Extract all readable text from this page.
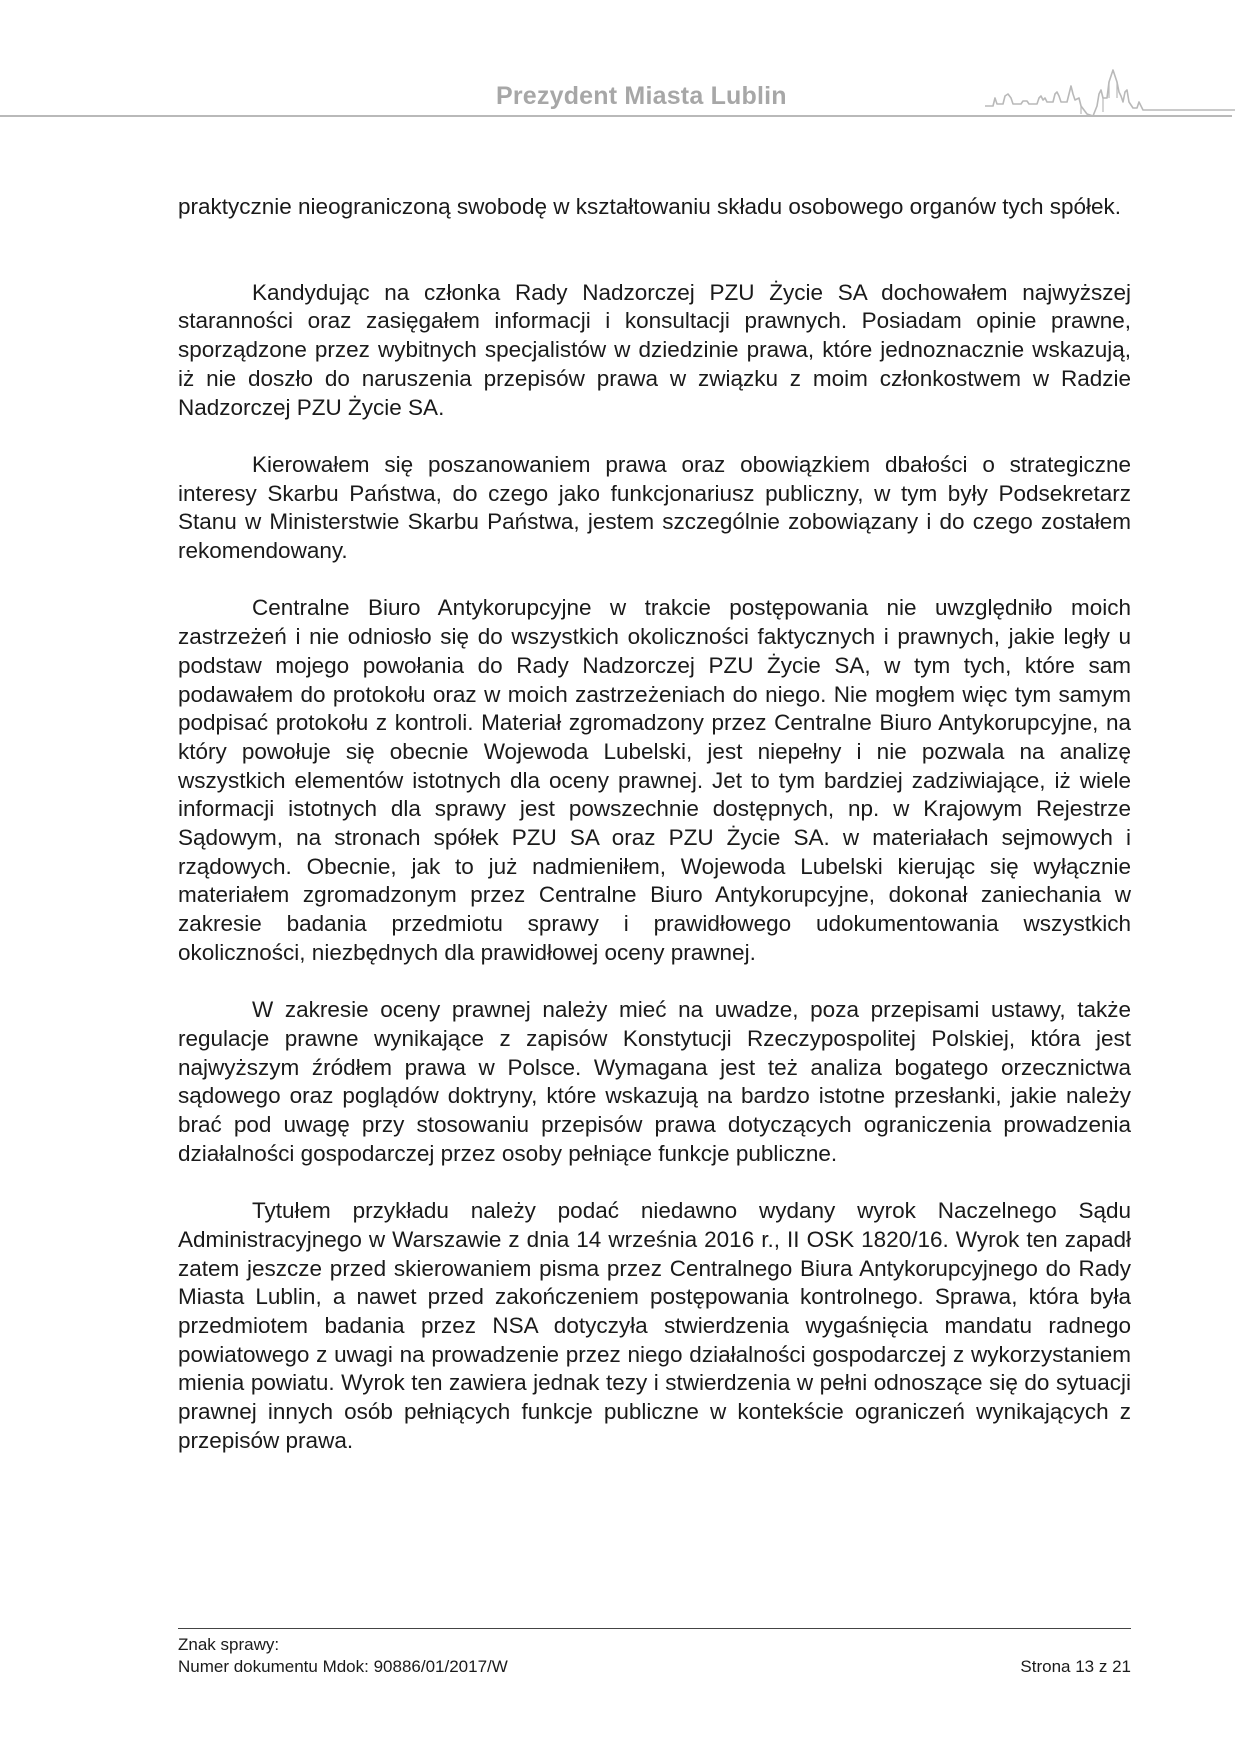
Prezydent Miasta Lublin

praktycznie nieograniczoną swobodę w kształtowaniu składu osobowego organów tych spółek.

Kandydując na członka Rady Nadzorczej PZU Życie SA dochowałem najwyższej staranności oraz zasięgałem informacji i konsultacji prawnych. Posiadam opinie prawne, sporządzone przez wybitnych specjalistów w dziedzinie prawa, które jednoznacznie wskazują, iż nie doszło do naruszenia przepisów prawa w związku z moim członkostwem w Radzie Nadzorczej PZU Życie SA.

Kierowałem się poszanowaniem prawa oraz obowiązkiem dbałości o strategiczne interesy Skarbu Państwa, do czego jako funkcjonariusz publiczny, w tym były Podsekretarz Stanu w Ministerstwie Skarbu Państwa, jestem szczególnie zobowiązany i do czego zostałem rekomendowany.

Centralne Biuro Antykorupcyjne w trakcie postępowania nie uwzględniło moich zastrzeżeń i nie odniosło się do wszystkich okoliczności faktycznych i prawnych, jakie legły u podstaw mojego powołania do Rady Nadzorczej PZU Życie SA, w tym tych, które sam podawałem do protokołu oraz w moich zastrzeżeniach do niego. Nie mogłem więc tym samym podpisać protokołu z kontroli. Materiał zgromadzony przez Centralne Biuro Antykorupcyjne, na który powołuje się obecnie Wojewoda Lubelski, jest niepełny i nie pozwala na analizę wszystkich elementów istotnych dla oceny prawnej. Jet to tym bardziej zadziwiające, iż wiele informacji istotnych dla sprawy jest powszechnie dostępnych, np. w Krajowym Rejestrze Sądowym, na stronach spółek PZU SA oraz PZU Życie SA. w materiałach sejmowych i rządowych. Obecnie, jak to już nadmieniłem, Wojewoda Lubelski kierując się wyłącznie materiałem zgromadzonym przez Centralne Biuro Antykorupcyjne, dokonał zaniechania w zakresie badania przedmiotu sprawy i prawidłowego udokumentowania wszystkich okoliczności, niezbędnych dla prawidłowej oceny prawnej.

W zakresie oceny prawnej należy mieć na uwadze, poza przepisami ustawy, także regulacje prawne wynikające z zapisów Konstytucji Rzeczypospolitej Polskiej, która jest najwyższym źródłem prawa w Polsce. Wymagana jest też analiza bogatego orzecznictwa sądowego oraz poglądów doktryny, które wskazują na bardzo istotne przesłanki, jakie należy brać pod uwagę przy stosowaniu przepisów prawa dotyczących ograniczenia prowadzenia działalności gospodarczej przez osoby pełniące funkcje publiczne.

Tytułem przykładu należy podać niedawno wydany wyrok Naczelnego Sądu Administracyjnego w Warszawie z dnia 14 września 2016 r., II OSK 1820/16. Wyrok ten zapadł zatem jeszcze przed skierowaniem pisma przez Centralnego Biura Antykorupcyjnego do Rady Miasta Lublin, a nawet przed zakończeniem postępowania kontrolnego. Sprawa, która była przedmiotem badania przez NSA dotyczyła stwierdzenia wygaśnięcia mandatu radnego powiatowego z uwagi na prowadzenie przez niego działalności gospodarczej z wykorzystaniem mienia powiatu. Wyrok ten zawiera jednak tezy i stwierdzenia w pełni odnoszące się do sytuacji prawnej innych osób pełniących funkcje publiczne w kontekście ograniczeń wynikających z przepisów prawa.

Znak sprawy:
Numer dokumentu Mdok: 90886/01/2017/W	Strona 13 z 21
